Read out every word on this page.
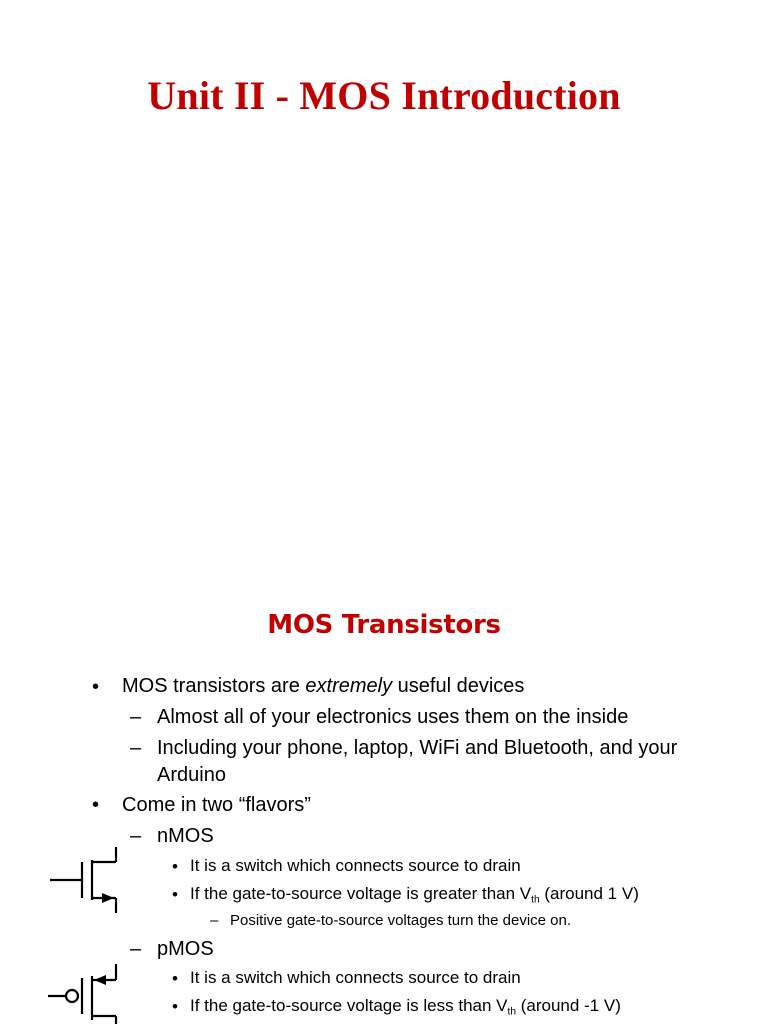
Unit II - MOS Introduction
MOS Transistors
• MOS transistors are extremely useful devices

– Almost all of your electronics uses them on the inside

– Including your phone, laptop, WiFi and Bluetooth, and your

Arduino

• Come in two “flavors”

– nMOS

• It is a switch which connects source to drain

• If the gate-to-source voltage is greater than $V_{th}$ (around 1 V)

– Positive gate-to-source voltages turn the device on.

– pMOS

• It is a switch which connects source to drain

• If the gate-to-source voltage is less than $V_{th}$ (around -1 V)
